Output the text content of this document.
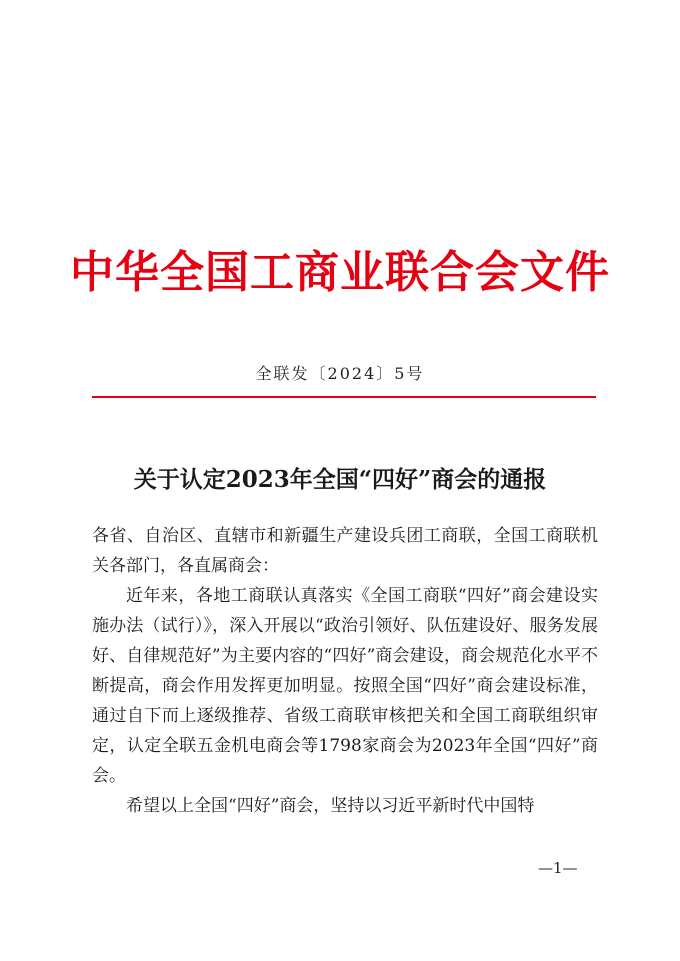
中华全国工商业联合会文件
全联发〔2024〕5号
关于认定2023年全国“四好”商会的通报

各省、自治区、直辖市和新疆生产建设兵团工商联，全国工商联机关各部门，各直属商会：

近年来，各地工商联认真落实《全国工商联“四好”商会建设实施办法（试行）》，深入开展以“政治引领好、队伍建设好、服务发展好、自律规范好”为主要内容的“四好”商会建设，商会规范化水平不断提高，商会作用发挥更加明显。按照全国“四好”商会建设标准，通过自下而上逐级推荐、省级工商联审核把关和全国工商联组织审定，认定全联五金机电商会等1798家商会为2023年全国“四好”商会。

希望以上全国“四好”商会，坚持以习近平新时代中国特

—1—
